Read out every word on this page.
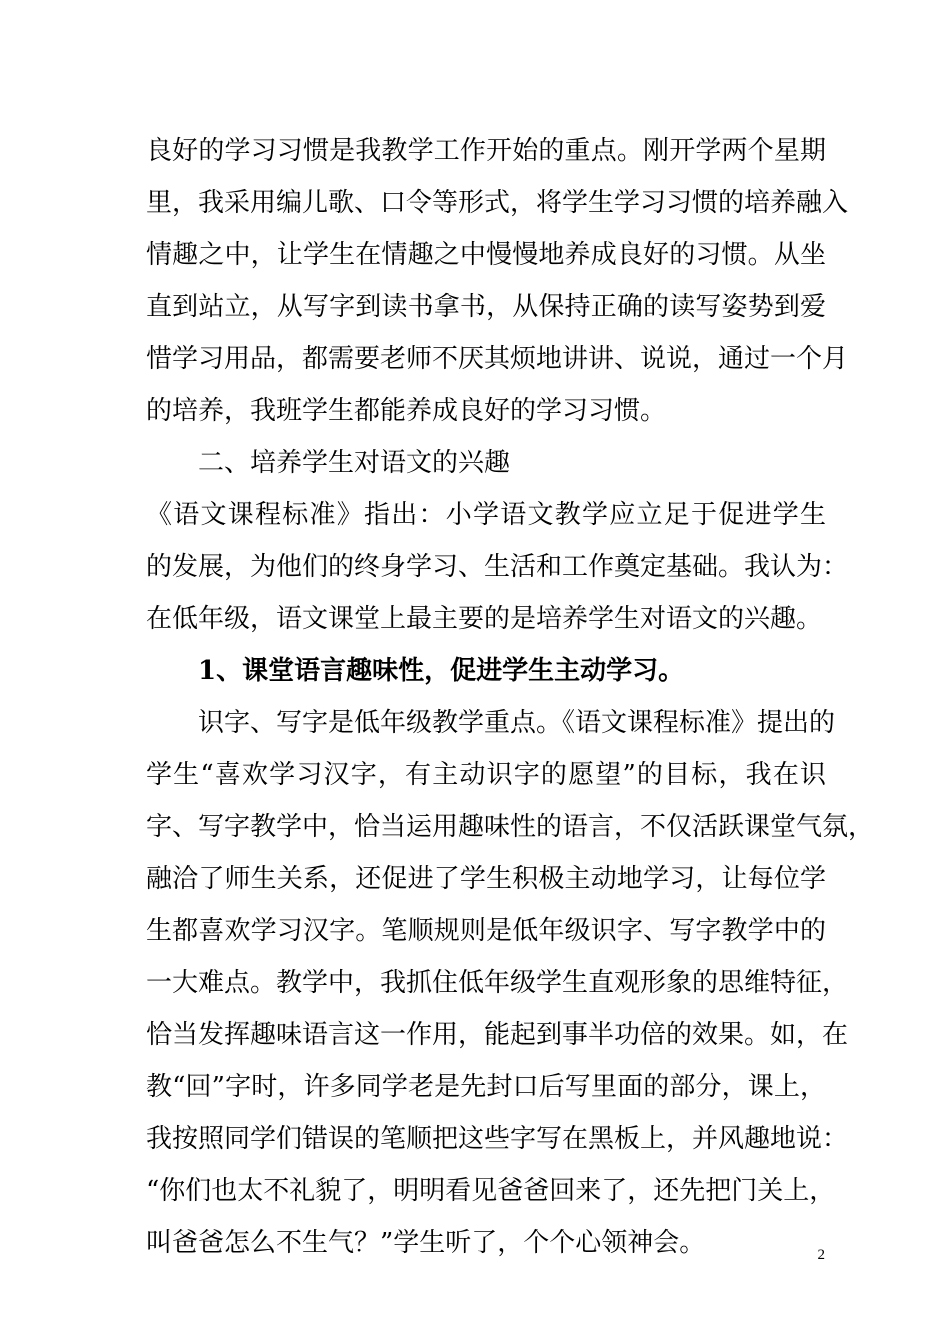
良好的学习习惯是我教学工作开始的重点。刚开学两个星期
里，我采用编儿歌、口令等形式，将学生学习习惯的培养融入
情趣之中，让学生在情趣之中慢慢地养成良好的习惯。从坐
直到站立，从写字到读书拿书，从保持正确的读写姿势到爱
惜学习用品，都需要老师不厌其烦地讲讲、说说，通过一个月
的培养，我班学生都能养成良好的学习习惯。
二、培养学生对语文的兴趣
《语文课程标准》指出：小学语文教学应立足于促进学生
的发展，为他们的终身学习、生活和工作奠定基础。我认为：
在低年级，语文课堂上最主要的是培养学生对语文的兴趣。
1、课堂语言趣味性，促进学生主动学习。
识字、写字是低年级教学重点。《语文课程标准》提出的
学生“喜欢学习汉字，有主动识字的愿望”的目标，我在识
字、写字教学中，恰当运用趣味性的语言，不仅活跃课堂气氛，
融洽了师生关系，还促进了学生积极主动地学习，让每位学
生都喜欢学习汉字。笔顺规则是低年级识字、写字教学中的
一大难点。教学中，我抓住低年级学生直观形象的思维特征，
恰当发挥趣味语言这一作用，能起到事半功倍的效果。如，在
教“回”字时，许多同学老是先封口后写里面的部分，课上，
我按照同学们错误的笔顺把这些字写在黑板上，并风趣地说：
“你们也太不礼貌了，明明看见爸爸回来了，还先把门关上，
叫爸爸怎么不生气？”学生听了，个个心领神会。	2
